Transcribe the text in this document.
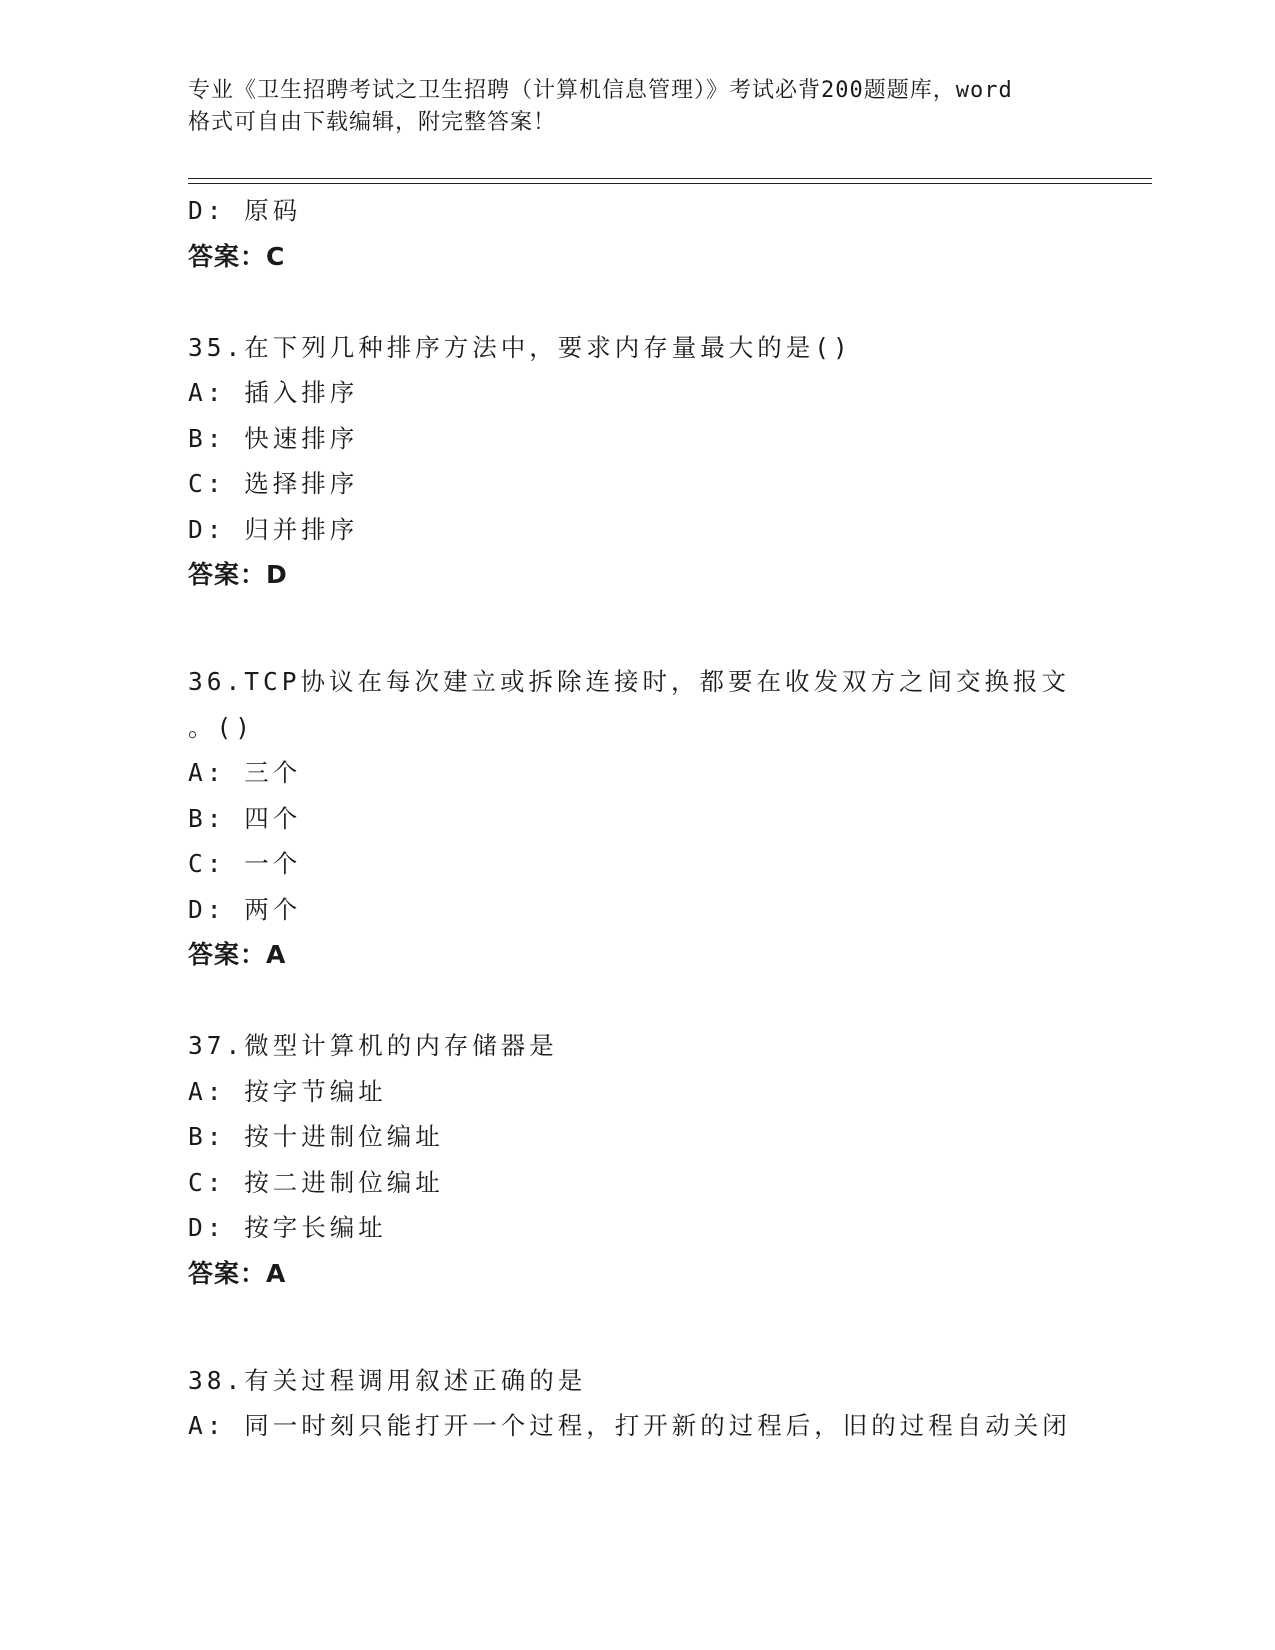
专业《卫生招聘考试之卫生招聘（计算机信息管理）》考试必背200题题库，word
格式可自由下载编辑，附完整答案！
D: 原码
答案：C
35.在下列几种排序方法中，要求内存量最大的是()
A: 插入排序
B: 快速排序
C: 选择排序
D: 归并排序
答案：D
36.TCP协议在每次建立或拆除连接时，都要在收发双方之间交换报文
。()
A: 三个
B: 四个
C: 一个
D: 两个
答案：A
37.微型计算机的内存储器是
A: 按字节编址
B: 按十进制位编址
C: 按二进制位编址
D: 按字长编址
答案：A
38.有关过程调用叙述正确的是
A: 同一时刻只能打开一个过程，打开新的过程后，旧的过程自动关闭
